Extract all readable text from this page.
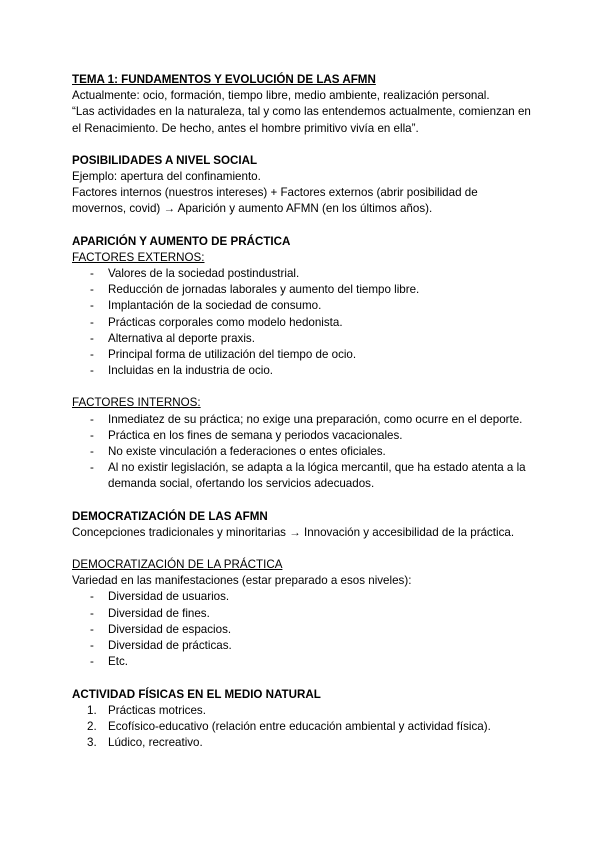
TEMA 1: FUNDAMENTOS Y EVOLUCIÓN DE LAS AFMN

Actualmente: ocio, formación, tiempo libre, medio ambiente, realización personal.

“Las actividades en la naturaleza, tal y como las entendemos actualmente, comienzan en el Renacimiento. De hecho, antes el hombre primitivo vivía en ella”.

POSIBILIDADES A NIVEL SOCIAL

Ejemplo: apertura del confinamiento.

Factores internos (nuestros intereses) + Factores externos (abrir posibilidad de movernos, covid) → Aparición y aumento AFMN (en los últimos años).

APARICIÓN Y AUMENTO DE PRÁCTICA

FACTORES EXTERNOS:

- Valores de la sociedad postindustrial.
- Reducción de jornadas laborales y aumento del tiempo libre.
- Implantación de la sociedad de consumo.
- Prácticas corporales como modelo hedonista.
- Alternativa al deporte praxis.
- Principal forma de utilización del tiempo de ocio.
- Incluidas en la industria de ocio.

FACTORES INTERNOS:

- Inmediatez de su práctica; no exige una preparación, como ocurre en el deporte.
- Práctica en los fines de semana y periodos vacacionales.
- No existe vinculación a federaciones o entes oficiales.
- Al no existir legislación, se adapta a la lógica mercantil, que ha estado atenta a la demanda social, ofertando los servicios adecuados.

DEMOCRATIZACIÓN DE LAS AFMN

Concepciones tradicionales y minoritarias → Innovación y accesibilidad de la práctica.

DEMOCRATIZACIÓN DE LA PRÁCTICA

Variedad en las manifestaciones (estar preparado a esos niveles):

- Diversidad de usuarios.
- Diversidad de fines.
- Diversidad de espacios.
- Diversidad de prácticas.
- Etc.

ACTIVIDAD FÍSICAS EN EL MEDIO NATURAL

1. Prácticas motrices.
2. Ecofísico-educativo (relación entre educación ambiental y actividad física).
3. Lúdico, recreativo.
